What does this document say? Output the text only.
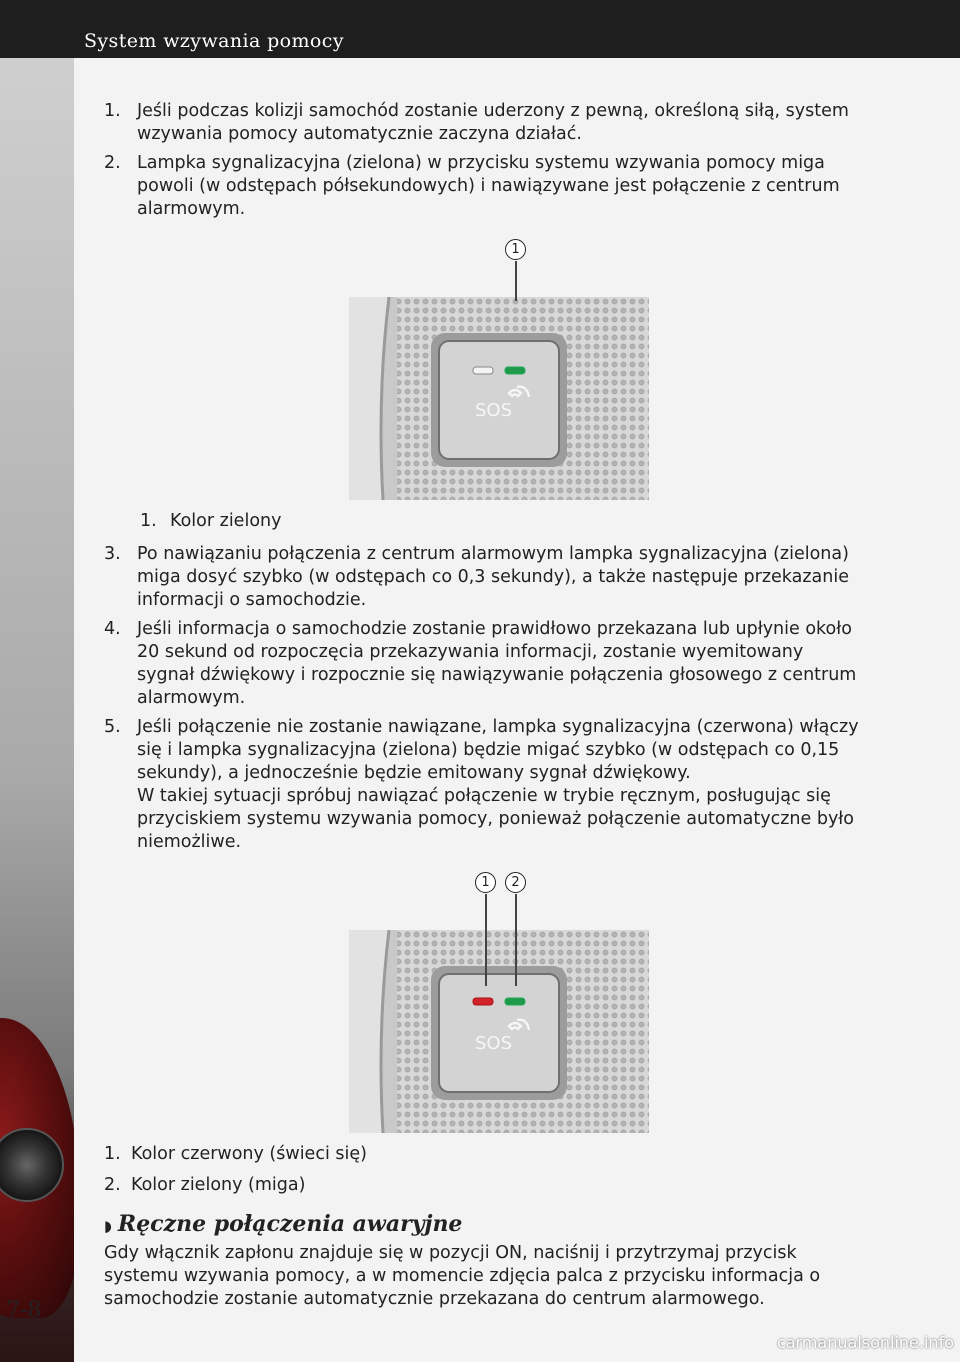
System wzywania pomocy
7-8
1. Jeśli podczas kolizji samochód zostanie uderzony z pewną, określoną siłą, system wzywania pomocy automatycznie zaczyna działać.
2. Lampka sygnalizacyjna (zielona) w przycisku systemu wzywania pomocy miga powoli (w odstępach półsekundowych) i nawiązywane jest połączenie z centrum alarmowym.
1
SOS
1. Kolor zielony
3. Po nawiązaniu połączenia z centrum alarmowym lampka sygnalizacyjna (zielona) miga dosyć szybko (w odstępach co 0,3 sekundy), a także następuje przekazanie informacji o samochodzie.
4. Jeśli informacja o samochodzie zostanie prawidłowo przekazana lub upłynie około 20 sekund od rozpoczęcia przekazywania informacji, zostanie wyemitowany sygnał dźwiękowy i rozpocznie się nawiązywanie połączenia głosowego z centrum alarmowym.
5. Jeśli połączenie nie zostanie nawiązane, lampka sygnalizacyjna (czerwona) włączy się i lampka sygnalizacyjna (zielona) będzie migać szybko (w odstępach co 0,15 sekundy), a jednocześnie będzie emitowany sygnał dźwiękowy.
W takiej sytuacji spróbuj nawiązać połączenie w trybie ręcznym, posługując się przyciskiem systemu wzywania pomocy, ponieważ połączenie automatyczne było niemożliwe.
1	2
SOS
1. Kolor czerwony (świeci się)
2. Kolor zielony (miga)
◗ Ręczne połączenia awaryjne
Gdy włącznik zapłonu znajduje się w pozycji ON, naciśnij i przytrzymaj przycisk systemu wzywania pomocy, a w momencie zdjęcia palca z przycisku informacja o samochodzie zostanie automatycznie przekazana do centrum alarmowego.
carmanualsonline.info
